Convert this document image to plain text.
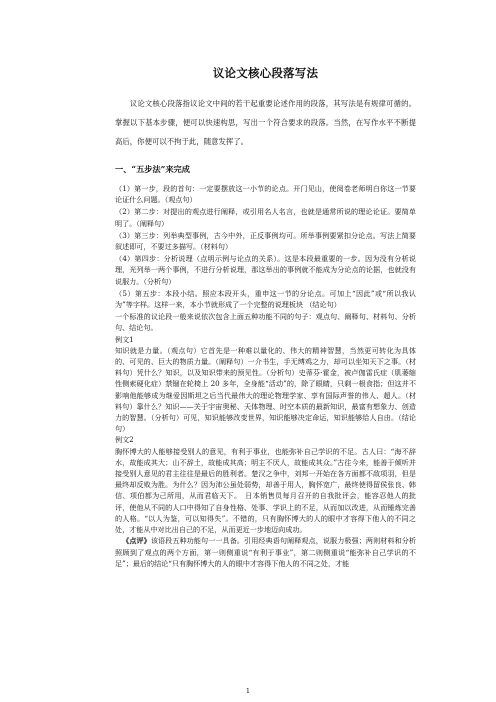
议论文核心段落写法

议论文核心段落指议论文中间的若干起重要论述作用的段落，其写法是有规律可循的。掌握以下基本步骤，便可以快速构思，写出一个符合要求的段落。当然，在写作水平不断提高后，你便可以不拘于此，随意发挥了。

一、“五步法”来完成

（1）第一步，段的首句：一定要摆放这一小节的论点。开门见山，使阅卷老师明白你这一节要论证什么问题。（观点句）

（2）第二步：对提出的观点进行阐释，或引用名人名言，也就是通常所说的理论论证。要简单明了。（阐释句）

（3）第三步：列举典型事例，古今中外，正反事例均可。所举事例要紧扣分论点。写法上简要叙述即可，不要过多描写。（材料句）

（4）第四步：分析说理（点明示例与论点的关系）。这是本段最重要的一步。因为没有分析说理，光列举一两个事例，不进行分析说理，那这举出的事例就不能成为分论点的论据，也就没有说服力。（分析句）

（5）第五步：本段小结。照应本段开头，重申这一节的分论点。可加上“因此”或“所以我认为”等字样。这样一来，本小节就形成了一个完整的说理板块 （结论句）

一个标准的议论段一般来说依次包含上面五种功能不同的句子：观点句、阐释句、材料句、分析句、结论句。

例文1

知识就是力量。（观点句）它首先是一种难以量化的、伟大的精神智慧，当然更可转化为具体的、可见的、巨大的物质力量。（阐释句）一介书生，手无缚鸡之力，却可以坐知天下之事。（材料句）凭什么？知识，以及知识带来的预见性。（分析句）史蒂芬·霍金，被卢伽雷氏症（肌萎缩性侧索硬化症）禁锢在轮椅上 20 多年，全身能“活动”的，除了眼睛，只剩一根食指；但这并不影响他能够成为继爱因斯坦之后当代最伟大的理论物理学家、享有国际声誉的伟人、超人。（材料句）靠什么？知识——关于宇宙奥秘、天体物理、时空本质的最新知识，最富有想象力、创造力的智慧。（分析句）可见，知识能够改变世界，知识能够决定命运，知识能够给人自由。（结论句）

例文2

胸怀博大的人能够接受别人的意见，有利于事业，也能弥补自己学识的不足。古人曰：“海不辞水，故能成其大；山不辞土，故能成其高；明主不厌人，故能成其众。”古往今来，能善于倾听并接受别人意见的君主往往是最后的胜利者。楚汉之争中，刘邦一开始在各方面都不敌项羽，但是最终却反败为胜。为什么？因为沛公虽处弱势，却善于用人，胸怀宽广，最终使得留侯张良、韩信、项伯都为己所用，从而君临天下。　日本销售员每月召开的自我批评会，能容忍他人的批评，使他从不同的人口中得知了自身性格、处事、学识上的不足，从而加以改进，从而锤炼完善的人格。“以人为鉴，可以知得失”。不错的，只有胸怀博大的人的眼中才容得下他人的不同之处，才能从中对比出自己的不足，从而更近一步地迈向成功。

 《点评》该语段五种功能句一一具备。引用经典语句阐释观点，说服力极强；两则材料和分析照顾到了观点的两个方面，第一则侧重说“有利于事业”，第二则侧重说“能弥补自己学识的不足”；最后的结论“只有胸怀博大的人的眼中才容得下他人的不同之处，才能

1
